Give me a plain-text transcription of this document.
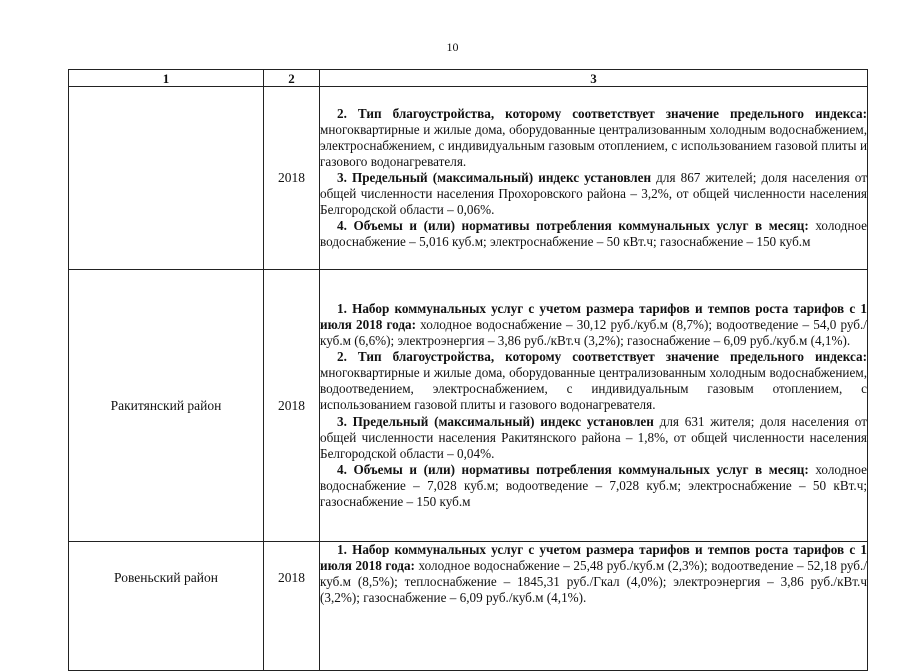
10
1	2	3
	2018	2. Тип благоустройства, которому соответствует значение предельного индекса: многоквартирные и жилые дома, оборудованные централизованным холодным водоснабжением, электроснабжением, с индивидуальным газовым отоплением, с использованием газовой плиты и газового водонагревателя.

3. Предельный (максимальный) индекс установлен для 867 жителей; доля населения от общей численности населения Прохоровского района – 3,2%, от общей численности населения Белгородской области – 0,06%.

4. Объемы и (или) нормативы потребления коммунальных услуг в месяц: холодное водоснабжение – 5,016 куб.м; электроснабжение – 50 кВт.ч; газоснабжение – 150 куб.м

Ракитянский район	2018	1. Набор коммунальных услуг с учетом размера тарифов и темпов роста тарифов с 1 июля 2018 года: холодное водоснабжение – 30,12 руб./куб.м (8,7%); водоотведение – 54,0 руб./куб.м (6,6%); электроэнергия – 3,86 руб./кВт.ч (3,2%); газоснабжение – 6,09 руб./куб.м (4,1%).

2. Тип благоустройства, которому соответствует значение предельного индекса: многоквартирные и жилые дома, оборудованные централизованным холодным водоснабжением, водоотведением, электроснабжением, с индивидуальным газовым отоплением, с использованием газовой плиты и газового водонагревателя.

3. Предельный (максимальный) индекс установлен для 631 жителя; доля населения от общей численности населения Ракитянского района – 1,8%, от общей численности населения Белгородской области – 0,04%.

4. Объемы и (или) нормативы потребления коммунальных услуг в месяц: холодное водоснабжение – 7,028 куб.м; водоотведение – 7,028 куб.м; электроснабжение – 50 кВт.ч; газоснабжение – 150 куб.м

Ровеньский район	2018	1. Набор коммунальных услуг с учетом размера тарифов и темпов роста тарифов с 1 июля 2018 года: холодное водоснабжение – 25,48 руб./куб.м (2,3%); водоотведение – 52,18 руб./куб.м (8,5%); теплоснабжение – 1845,31 руб./Гкал (4,0%); электроэнергия – 3,86 руб./кВт.ч (3,2%); газоснабжение – 6,09 руб./куб.м (4,1%).
